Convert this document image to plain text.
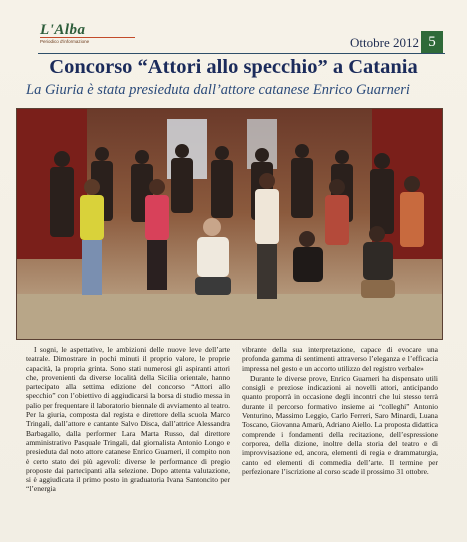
L'Alba
Periodico d'informazione	Ottobre 2012 5
Concorso “Attori allo specchio” a Catania
La Giuria è stata presieduta dall’attore catanese Enrico Guarneri

I sogni, le aspettative, le ambizioni delle nuove leve dell’arte teatrale. Dimostrare in pochi minuti il proprio valore, le proprie capacità, la propria grinta. Sono stati numerosi gli aspiranti attori che, provenienti da diverse località della Sicilia orientale, hanno partecipato alla settima edizione del concorso “Attori allo specchio” con l’obiettivo di aggiudicarsi la borsa di studio messa in palio per frequentare il laboratorio biennale di avviamento al teatro. Per la giuria, composta dal regista e direttore della scuola Marco Tringali, dall’attore e cantante Salvo Disca, dall’attrice Alessandra Barbagallo, dalla performer Lara Marta Russo, dal direttore amministrativo Pasquale Tringali, dal giornalista Antonio Longo e presieduta dal noto attore catanese Enrico Guarneri, il compito non è certo stato dei più agevoli: diverse le performance di pregio proposte dai partecipanti alla selezione. Dopo attenta valutazione, si è aggiudicata il primo posto in graduatoria Ivana Santoncito per “l’energia

vibrante della sua interpretazione, capace di evocare una profonda gamma di sentimenti attraverso l’eleganza e l’efficacia impressa nel gesto e un accorto utilizzo del registro verbale»

Durante le diverse prove, Enrico Guarneri ha dispensato utili consigli e preziose indicazioni ai novelli attori, anticipando quanto proporrà in occasione degli incontri che lui stesso terrà durante il percorso formativo insieme ai “colleghi” Antonio Venturino, Massimo Leggio, Carlo Ferreri, Saro Minardi, Luana Toscano, Giovanna Amarù, Adriano Aiello. La proposta didattica comprende i fondamenti della recitazione, dell’espressione corporea, della dizione, inoltre della storia del teatro e di improvvisazione ed, ancora, elementi di regia e drammaturgia, canto ed elementi di commedia dell’arte. Il termine per perfezionare l’iscrizione al corso scade il prossimo 31 ottobre.
